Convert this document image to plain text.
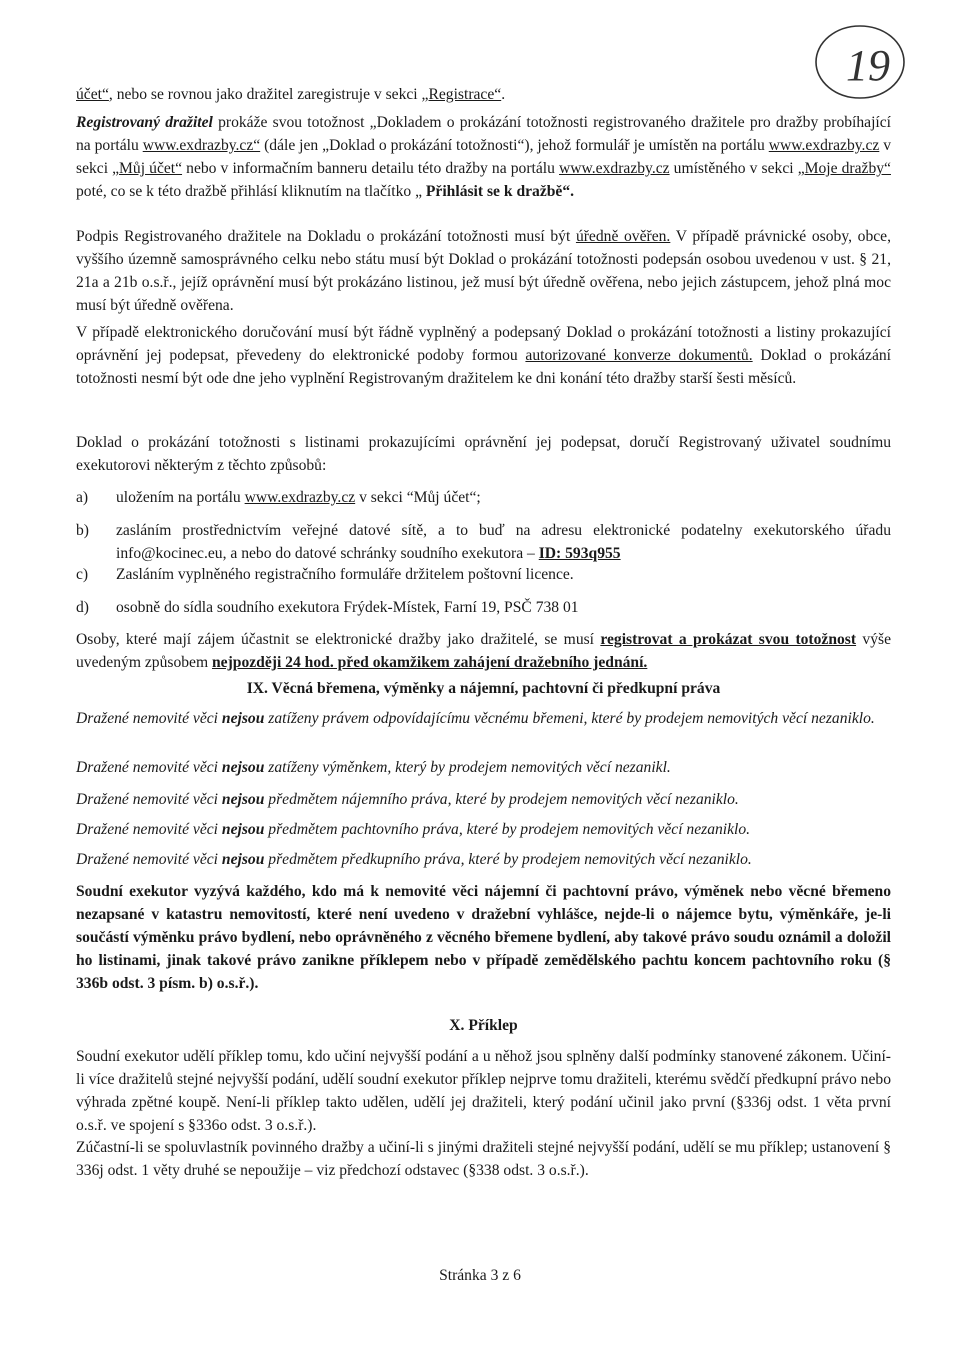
19

účet“, nebo se rovnou jako dražitel zaregistruje v sekci „Registrace“.

Registrovaný dražitel prokáže svou totožnost „Dokladem o prokázání totožnosti registrovaného dražitele pro dražby probíhající na portálu www.exdrazby.cz“ (dále jen „Doklad o prokázání totožnosti“), jehož formulář je umístěn na portálu www.exdrazby.cz v sekci „Můj účet“ nebo v informačním banneru detailu této dražby na portálu www.exdrazby.cz umístěného v sekci „Moje dražby“ poté, co se k této dražbě přihlásí kliknutím na tlačítko „ Přihlásit se k dražbě“.

Podpis Registrovaného dražitele na Dokladu o prokázání totožnosti musí být úředně ověřen. V případě právnické osoby, obce, vyššího územně samosprávného celku nebo státu musí být Doklad o prokázání totožnosti podepsán osobou uvedenou v ust. § 21, 21a a 21b o.s.ř., jejíž oprávnění musí být prokázáno listinou, jež musí být úředně ověřena, nebo jejich zástupcem, jehož plná moc musí být úředně ověřena.

V případě elektronického doručování musí být řádně vyplněný a podepsaný Doklad o prokázání totožnosti a listiny prokazující oprávnění jej podepsat, převedeny do elektronické podoby formou autorizované konverze dokumentů. Doklad o prokázání totožnosti nesmí být ode dne jeho vyplnění Registrovaným dražitelem ke dni konání této dražby starší šesti měsíců.

Doklad o prokázání totožnosti s listinami prokazujícími oprávnění jej podepsat, doručí Registrovaný uživatel soudnímu exekutorovi některým z těchto způsobů:

a)	uložením na portálu www.exdrazby.cz v sekci “Můj účet“;
b)	zasláním prostřednictvím veřejné datové sítě, a to buď na adresu elektronické podatelny exekutorského úřadu info@kocinec.eu, a nebo do datové schránky soudního exekutora – ID: 593q955
c)	Zasláním vyplněného registračního formuláře držitelem poštovní licence.
d)	osobně do sídla soudního exekutora Frýdek-Místek, Farní 19, PSČ 738 01

Osoby, které mají zájem účastnit se elektronické dražby jako dražitelé, se musí registrovat a prokázat svou totožnost výše uvedeným způsobem nejpozději 24 hod. před okamžikem zahájení dražebního jednání.

IX. Věcná břemena, výměnky a nájemní, pachtovní či předkupní práva

Dražené nemovité věci nejsou zatíženy právem odpovídajícímu věcnému břemeni, které by prodejem nemovitých věcí nezaniklo.

Dražené nemovité věci nejsou zatíženy výměnkem, který by prodejem nemovitých věcí nezanikl.

Dražené nemovité věci nejsou předmětem nájemního práva, které by prodejem nemovitých věcí nezaniklo.

Dražené nemovité věci nejsou předmětem pachtovního práva, které by prodejem nemovitých věcí nezaniklo.

Dražené nemovité věci nejsou předmětem předkupního práva, které by prodejem nemovitých věcí nezaniklo.

Soudní exekutor vyzývá každého, kdo má k nemovité věci nájemní či pachtovní právo, výměnek nebo věcné břemeno nezapsané v katastru nemovitostí, které není uvedeno v dražební vyhlášce, nejde-li o nájemce bytu, výměnkáře, je-li součástí výměnku právo bydlení, nebo oprávněného z věcného břemene bydlení, aby takové právo soudu oznámil a doložil ho listinami, jinak takové právo zanikne příklepem nebo v případě zemědělského pachtu koncem pachtovního roku (§ 336b odst. 3 písm. b) o.s.ř.).

X. Příklep

Soudní exekutor udělí příklep tomu, kdo učiní nejvyšší podání a u něhož jsou splněny další podmínky stanovené zákonem. Učiní-li více dražitelů stejné nejvyšší podání, udělí soudní exekutor příklep nejprve tomu dražiteli, kterému svědčí předkupní právo nebo výhrada zpětné koupě. Není-li příklep takto udělen, udělí jej dražiteli, který podání učinil jako první (§336j odst. 1 věta první o.s.ř. ve spojení s §336o odst. 3 o.s.ř.).

Zúčastní-li se spoluvlastník povinného dražby a učiní-li s jinými dražiteli stejné nejvyšší podání, udělí se mu příklep; ustanovení § 336j odst. 1 věty druhé se nepoužije – viz předchozí odstavec (§338 odst. 3 o.s.ř.).

Stránka 3 z 6
